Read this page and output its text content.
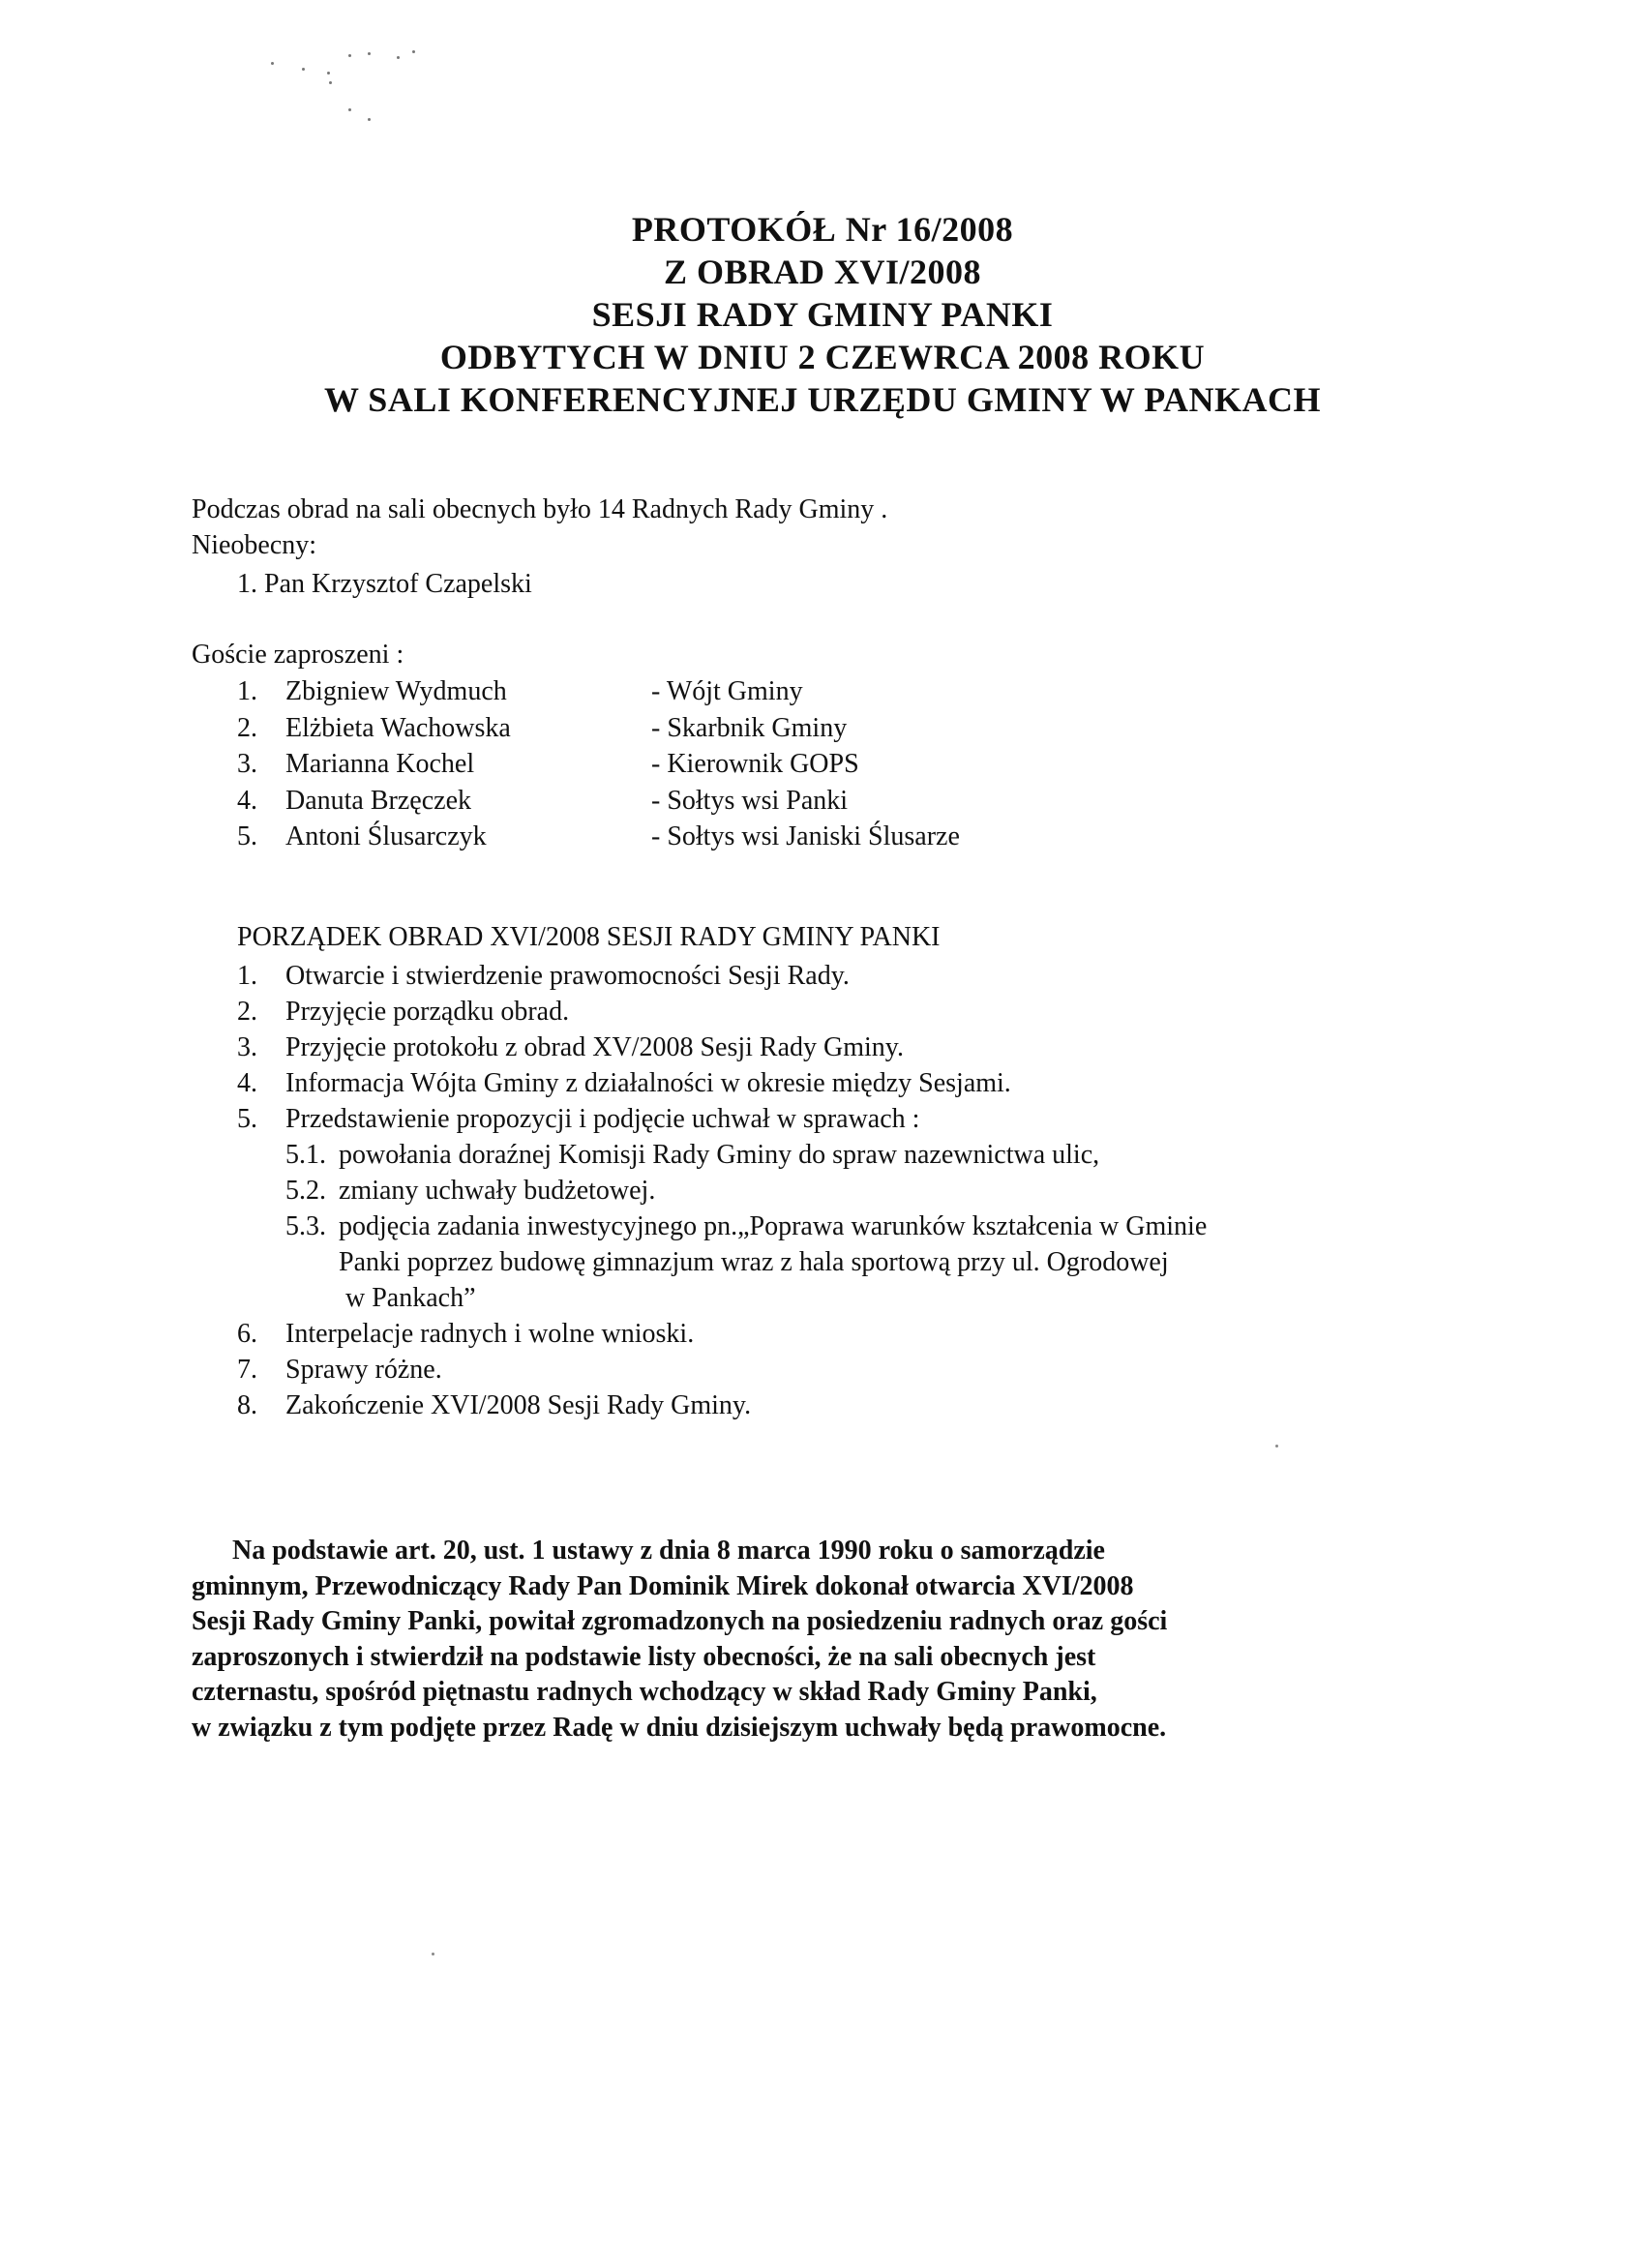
PROTOKÓŁ Nr 16/2008
Z OBRAD XVI/2008
SESJI RADY GMINY PANKI
ODBYTYCH W DNIU 2 CZEWRCA 2008 ROKU
W SALI KONFERENCYJNEJ URZĘDU GMINY W PANKACH
Podczas obrad na sali obecnych było 14 Radnych Rady Gminy .
Nieobecny:
1. Pan Krzysztof Czapelski
Goście zaproszeni :
1.	Zbigniew Wydmuch	- Wójt Gminy
2.	Elżbieta Wachowska	- Skarbnik Gminy
3.	Marianna Kochel	- Kierownik GOPS
4.	Danuta Brzęczek	- Sołtys wsi Panki
5.	Antoni Ślusarczyk	- Sołtys wsi Janiski Ślusarze
PORZĄDEK OBRAD XVI/2008 SESJI RADY GMINY PANKI
1.	Otwarcie i stwierdzenie prawomocności Sesji Rady.
2.	Przyjęcie porządku obrad.
3.	Przyjęcie protokołu z obrad XV/2008 Sesji Rady Gminy.
4.	Informacja Wójta Gminy z działalności w okresie między Sesjami.
5.	Przedstawienie propozycji i podjęcie uchwał w sprawach :
5.1. powołania doraźnej Komisji Rady Gminy do spraw nazewnictwa ulic,
5.2. zmiany uchwały budżetowej.
5.3. podjęcia zadania inwestycyjnego pn.„Poprawa warunków kształcenia w Gminie
Panki poprzez budowę gimnazjum wraz z hala sportową przy ul. Ogrodowej
w Pankach”
6.	Interpelacje radnych i wolne wnioski.
7.	Sprawy różne.
8.	Zakończenie XVI/2008 Sesji Rady Gminy.
Na podstawie art. 20, ust. 1 ustawy z dnia 8 marca 1990 roku o samorządzie
gminnym, Przewodniczący Rady Pan Dominik Mirek dokonał otwarcia XVI/2008
Sesji Rady Gminy Panki, powitał zgromadzonych na posiedzeniu radnych oraz gości
zaproszonych i stwierdził na podstawie listy obecności, że na sali obecnych jest
czternastu, spośród piętnastu radnych wchodzący w skład Rady Gminy Panki,
w związku z tym podjęte przez Radę w dniu dzisiejszym uchwały będą prawomocne.
